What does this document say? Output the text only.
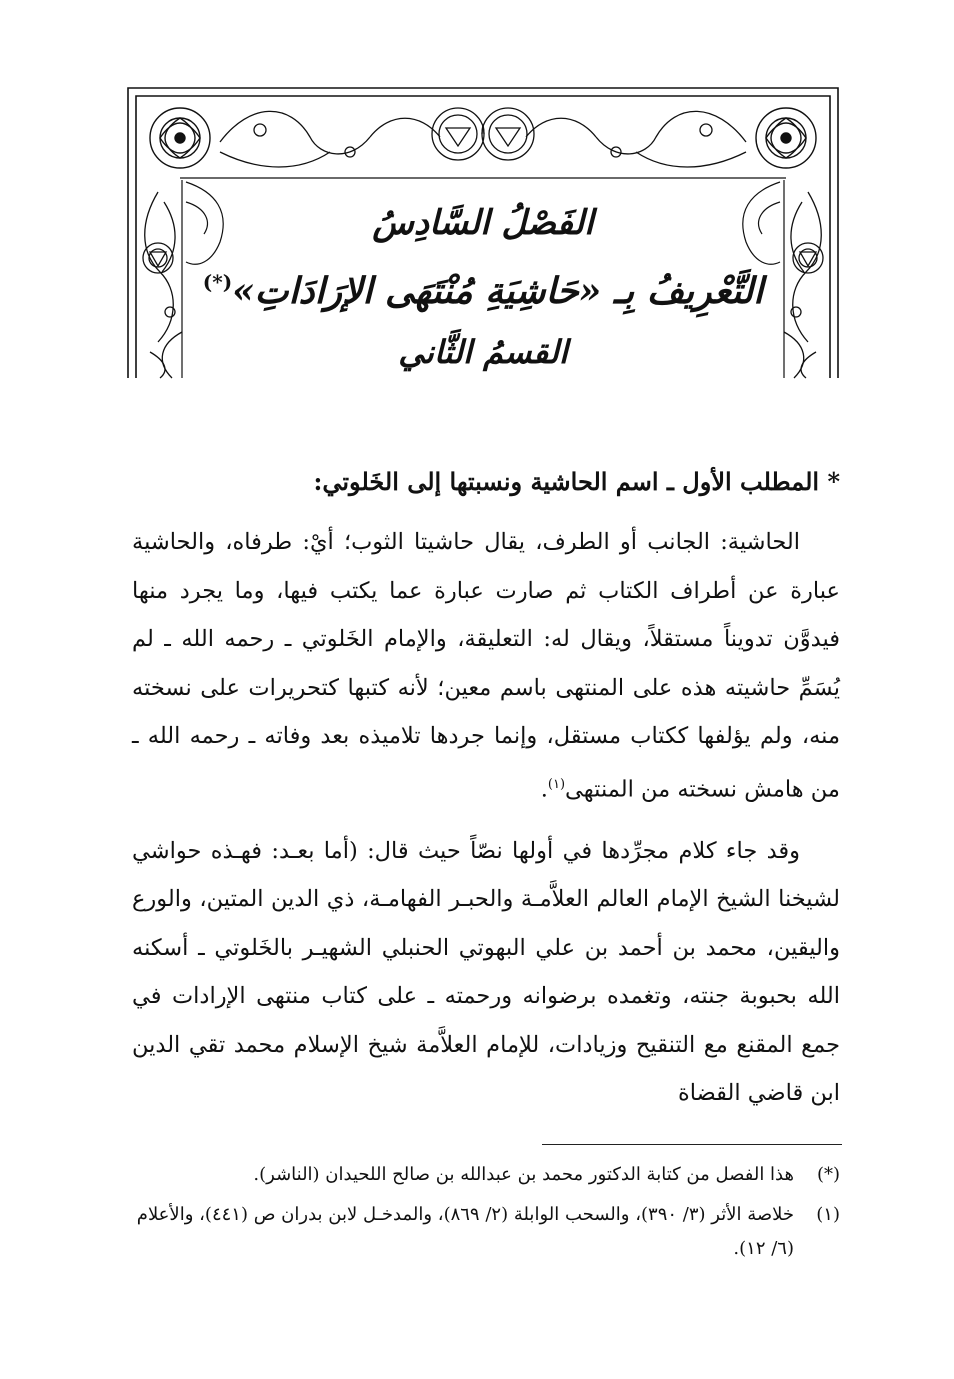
الفَصْلُ السَّادِسُ

التَّعْرِيفُ بِـ «حَاشِيَةِ مُنْتَهَى الإرَادَاتِ»(*)

القسمُ الثَّاني

* المطلب الأول ـ اسم الحاشية ونسبتها إلى الخَلوتي:

الحاشية: الجانب أو الطرف، يقال حاشيتا الثوب؛ أيْ: طرفاه، والحاشية عبارة عن أطراف الكتاب ثم صارت عبارة عما يكتب فيها، وما يجرد منها فيدوَّن تدويناً مستقلاً، ويقال له: التعليقة، والإمام الخَلوتي ـ رحمه الله ـ لم يُسَمِّ حاشيته هذه على المنتهى باسم معين؛ لأنه كتبها كتحريرات على نسخته منه، ولم يؤلفها ككتاب مستقل، وإنما جردها تلاميذه بعد وفاته ـ رحمه الله ـ من هامش نسخته من المنتهى$^{(١)}$.

وقد جاء كلام مجرِّدها في أولها نصّاً حيث قال: (أما بعـد: فهـذه حواشي لشيخنا الشيخ الإمام العالم العلاَّمـة والحبـر الفهامـة، ذي الدين المتين، والورع واليقين، محمد بن أحمد بن علي البهوتي الحنبلي الشهيـر بالخَلوتي ـ أسكنه الله بحبوبة جنته، وتغمده برضوانه ورحمته ـ على كتاب منتهى الإرادات في جمع المقنع مع التنقيح وزيادات، للإمام العلاَّمة شيخ الإسلام محمد تقي الدين ابن قاضي القضاة

(*)
هذا الفصل من كتابة الدكتور محمد بن عبدالله بن صالح اللحيدان (الناشر).
(١)
خلاصة الأثر (٣/ ٣٩٠)، والسحب الوابلة (٢/ ٨٦٩)، والمدخـل لابن بدران ص (٤٤١)، والأعلام (٦/ ١٢).
